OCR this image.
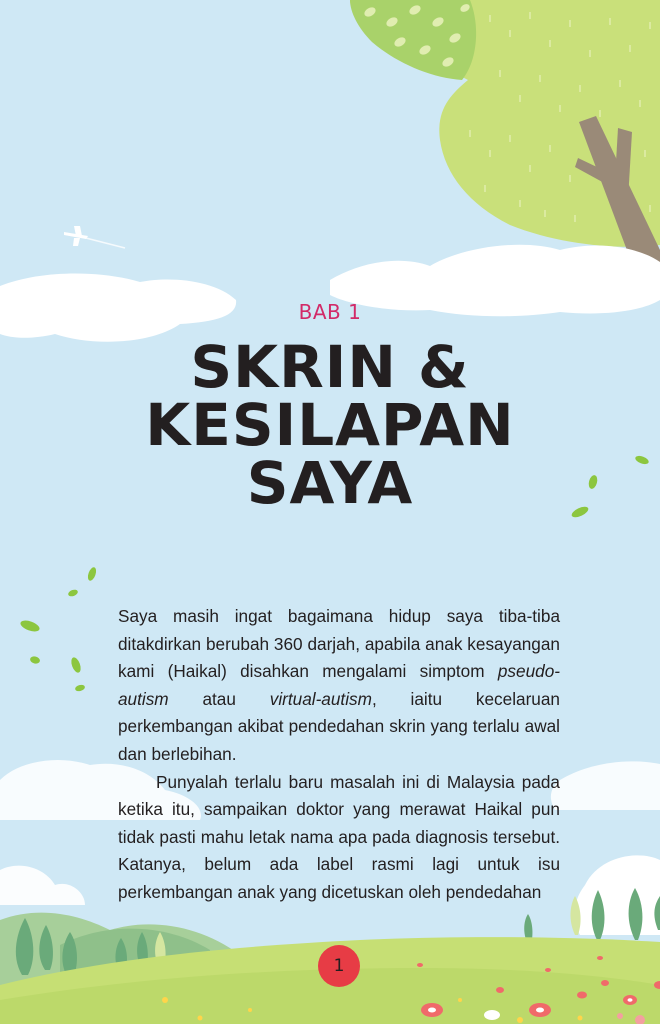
BAB 1
SKRIN &
KESILAPAN
SAYA

Saya masih ingat bagaimana hidup saya tiba-tiba ditakdirkan berubah 360 darjah, apabila anak kesayangan kami (Haikal) disahkan mengalami simptom pseudo-autism atau virtual-autism, iaitu kecelaruan perkembangan akibat pendedahan skrin yang terlalu awal dan berlebihan.

Punyalah terlalu baru masalah ini di Malaysia pada ketika itu, sampaikan doktor yang merawat Haikal pun tidak pasti mahu letak nama apa pada diagnosis tersebut. Katanya, belum ada label rasmi lagi untuk isu perkembangan anak yang dicetuskan oleh pendedahan

1
